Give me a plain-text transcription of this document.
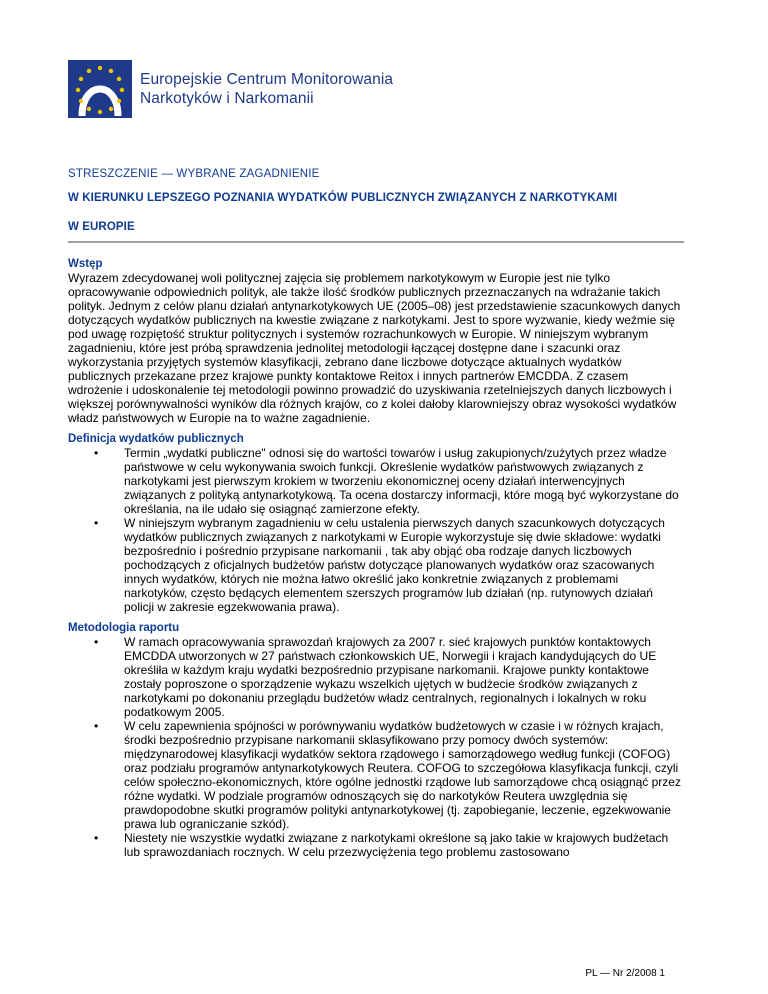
Europejskie Centrum Monitorowania
Narkotyków i Narkomanii
STRESZCZENIE — WYBRANE ZAGADNIENIE
W KIERUNKU LEPSZEGO POZNANIA WYDATKÓW PUBLICZNYCH ZWIĄZANYCH Z NARKOTYKAMI
W EUROPIE
Wstęp

Wyrazem zdecydowanej woli politycznej zajęcia się problemem narkotykowym w Europie jest nie tylko opracowywanie odpowiednich polityk, ale także ilość środków publicznych przeznaczanych na wdrażanie takich polityk. Jednym z celów planu działań antynarkotykowych UE (2005–08) jest przedstawienie szacunkowych danych dotyczących wydatków publicznych na kwestie związane z narkotykami. Jest to spore wyzwanie, kiedy weźmie się pod uwagę rozpiętość struktur politycznych i systemów rozrachunkowych w Europie. W niniejszym wybranym zagadnieniu, które jest próbą sprawdzenia jednolitej metodologii łączącej dostępne dane i szacunki oraz wykorzystania przyjętych systemów klasyfikacji, zebrano dane liczbowe dotyczące aktualnych wydatków publicznych przekazane przez krajowe punkty kontaktowe Reitox i innych partnerów EMCDDA. Z czasem wdrożenie i udoskonalenie tej metodologii powinno prowadzić do uzyskiwania rzetelniejszych danych liczbowych i większej porównywalności wyników dla różnych krajów, co z kolei dałoby klarowniejszy obraz wysokości wydatków władz państwowych w Europie na to ważne zagadnienie.

Definicja wydatków publicznych
• Termin „wydatki publiczne" odnosi się do wartości towarów i usług zakupionych/zużytych przez władze państwowe w celu wykonywania swoich funkcji. Określenie wydatków państwowych związanych z narkotykami jest pierwszym krokiem w tworzeniu ekonomicznej oceny działań interwencyjnych związanych z polityką antynarkotykową. Ta ocena dostarczy informacji, które mogą być wykorzystane do określania, na ile udało się osiągnąć zamierzone efekty.
• W niniejszym wybranym zagadnieniu w celu ustalenia pierwszych danych szacunkowych dotyczących wydatków publicznych związanych z narkotykami w Europie wykorzystuje się dwie składowe: wydatki bezpośrednio i pośrednio przypisane narkomanii , tak aby objąć oba rodzaje danych liczbowych pochodzących z oficjalnych budżetów państw dotyczące planowanych wydatków oraz szacowanych innych wydatków, których nie można łatwo określić jako konkretnie związanych z problemami narkotyków, często będących elementem szerszych programów lub działań (np. rutynowych działań policji w zakresie egzekwowania prawa).
Metodologia raportu
• W ramach opracowywania sprawozdań krajowych za 2007 r. sieć krajowych punktów kontaktowych EMCDDA utworzonych w 27 państwach członkowskich UE, Norwegii i krajach kandydujących do UE określiła w każdym kraju wydatki bezpośrednio przypisane narkomanii. Krajowe punkty kontaktowe zostały poproszone o sporządzenie wykazu wszelkich ujętych w budżecie środków związanych z narkotykami po dokonaniu przeglądu budżetów władz centralnych, regionalnych i lokalnych w roku podatkowym 2005.
• W celu zapewnienia spójności w porównywaniu wydatków budżetowych w czasie i w różnych krajach, środki bezpośrednio przypisane narkomanii sklasyfikowano przy pomocy dwóch systemów: międzynarodowej klasyfikacji wydatków sektora rządowego i samorządowego według funkcji (COFOG) oraz podziału programów antynarkotykowych Reutera. COFOG to szczegółowa klasyfikacja funkcji, czyli celów społeczno-ekonomicznych, które ogólne jednostki rządowe lub samorządowe chcą osiągnąć przez różne wydatki. W podziale programów odnoszących się do narkotyków Reutera uwzględnia się prawdopodobne skutki programów polityki antynarkotykowej (tj. zapobieganie, leczenie, egzekwowanie prawa lub ograniczanie szkód).
• Niestety nie wszystkie wydatki związane z narkotykami określone są jako takie w krajowych budżetach lub sprawozdaniach rocznych. W celu przezwyciężenia tego problemu zastosowano
PL — Nr 2/2008 1
